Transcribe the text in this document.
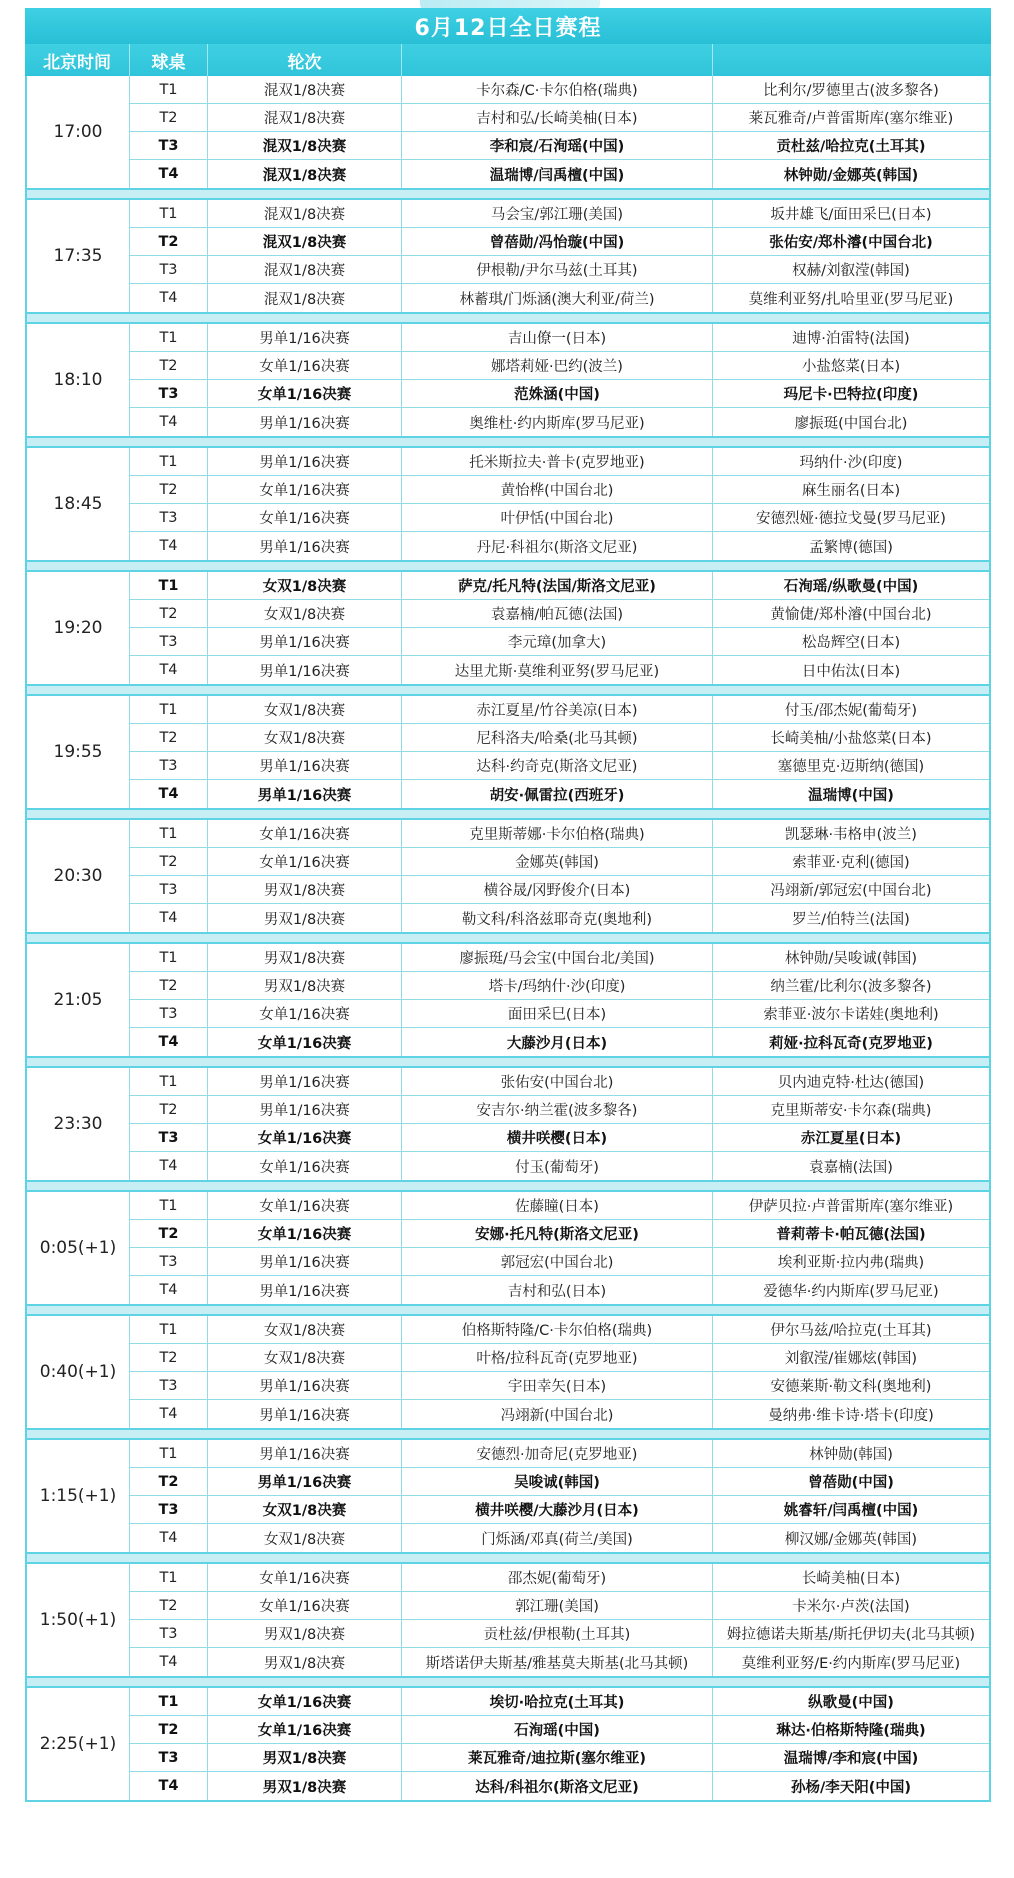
6月12日全日赛程
北京时间	球桌	轮次
17:00
T1	混双1/8决赛	卡尔森/C·卡尔伯格(瑞典)	比利尔/罗德里古(波多黎各)
T2	混双1/8决赛	吉村和弘/长崎美柚(日本)	莱瓦雅奇/卢普雷斯库(塞尔维亚)
T3	混双1/8决赛	李和宸/石洵瑶(中国)	贡杜兹/哈拉克(土耳其)
T4	混双1/8决赛	温瑞博/闫禹檀(中国)	林钟勋/金娜英(韩国)
17:35
T1	混双1/8决赛	马会宝/郭江珊(美国)	坂井雄飞/面田采巳(日本)
T2	混双1/8决赛	曾蓓勋/冯怡璇(中国)	张佑安/郑朴濬(中国台北)
T3	混双1/8决赛	伊根勒/尹尔马兹(土耳其)	权赫/刘叡滢(韩国)
T4	混双1/8决赛	林蓄琪/门烁涵(澳大利亚/荷兰)	莫维利亚努/扎哈里亚(罗马尼亚)
18:10
T1	男单1/16决赛	吉山僚一(日本)	迪博·泊雷特(法国)
T2	女单1/16决赛	娜塔莉娅·巴约(波兰)	小盐悠菜(日本)
T3	女单1/16决赛	范姝涵(中国)	玛尼卡·巴特拉(印度)
T4	男单1/16决赛	奥维杜·约内斯库(罗马尼亚)	廖振珽(中国台北)
18:45
T1	男单1/16决赛	托米斯拉夫·普卡(克罗地亚)	玛纳什·沙(印度)
T2	女单1/16决赛	黄怡桦(中国台北)	麻生丽名(日本)
T3	女单1/16决赛	叶伊恬(中国台北)	安德烈娅·德拉戈曼(罗马尼亚)
T4	男单1/16决赛	丹尼·科祖尔(斯洛文尼亚)	孟繁博(德国)
19:20
T1	女双1/8决赛	萨克/托凡特(法国/斯洛文尼亚)	石洵瑶/纵歌曼(中国)
T2	女双1/8决赛	袁嘉楠/帕瓦德(法国)	黄愉倢/郑朴濬(中国台北)
T3	男单1/16决赛	李元璋(加拿大)	松岛辉空(日本)
T4	男单1/16决赛	达里尤斯·莫维利亚努(罗马尼亚)	日中佑汰(日本)
19:55
T1	女双1/8决赛	赤江夏星/竹谷美凉(日本)	付玉/邵杰妮(葡萄牙)
T2	女双1/8决赛	尼科洛夫/哈桑(北马其顿)	长崎美柚/小盐悠菜(日本)
T3	男单1/16决赛	达科·约奇克(斯洛文尼亚)	塞德里克·迈斯纳(德国)
T4	男单1/16决赛	胡安·佩雷拉(西班牙)	温瑞博(中国)
20:30
T1	女单1/16决赛	克里斯蒂娜·卡尔伯格(瑞典)	凯瑟琳·韦格申(波兰)
T2	女单1/16决赛	金娜英(韩国)	索菲亚·克利(德国)
T3	男双1/8决赛	横谷晟/冈野俊介(日本)	冯翊新/郭冠宏(中国台北)
T4	男双1/8决赛	勒文科/科洛兹耶奇克(奥地利)	罗兰/伯特兰(法国)
21:05
T1	男双1/8决赛	廖振珽/马会宝(中国台北/美国)	林钟勋/吴唆诚(韩国)
T2	男双1/8决赛	塔卡/玛纳什·沙(印度)	纳兰霍/比利尔(波多黎各)
T3	女单1/16决赛	面田采巳(日本)	索菲亚·波尔卡诺娃(奥地利)
T4	女单1/16决赛	大藤沙月(日本)	莉娅·拉科瓦奇(克罗地亚)
23:30
T1	男单1/16决赛	张佑安(中国台北)	贝内迪克特·杜达(德国)
T2	男单1/16决赛	安吉尔·纳兰霍(波多黎各)	克里斯蒂安·卡尔森(瑞典)
T3	女单1/16决赛	横井咲樱(日本)	赤江夏星(日本)
T4	女单1/16决赛	付玉(葡萄牙)	袁嘉楠(法国)
0:05(+1)
T1	女单1/16决赛	佐藤瞳(日本)	伊萨贝拉·卢普雷斯库(塞尔维亚)
T2	女单1/16决赛	安娜·托凡特(斯洛文尼亚)	普莉蒂卡·帕瓦德(法国)
T3	男单1/16决赛	郭冠宏(中国台北)	埃利亚斯·拉内弗(瑞典)
T4	男单1/16决赛	吉村和弘(日本)	爱德华·约内斯库(罗马尼亚)
0:40(+1)
T1	女双1/8决赛	伯格斯特隆/C·卡尔伯格(瑞典)	伊尔马兹/哈拉克(土耳其)
T2	女双1/8决赛	叶格/拉科瓦奇(克罗地亚)	刘叡滢/崔娜炫(韩国)
T3	男单1/16决赛	宇田幸矢(日本)	安德莱斯·勒文科(奥地利)
T4	男单1/16决赛	冯翊新(中国台北)	曼纳弗·维卡诗·塔卡(印度)
1:15(+1)
T1	男单1/16决赛	安德烈·加奇尼(克罗地亚)	林钟勋(韩国)
T2	男单1/16决赛	吴唆诚(韩国)	曾蓓勋(中国)
T3	女双1/8决赛	横井咲樱/大藤沙月(日本)	姚睿轩/闫禹檀(中国)
T4	女双1/8决赛	门烁涵/邓真(荷兰/美国)	柳汉娜/金娜英(韩国)
1:50(+1)
T1	女单1/16决赛	邵杰妮(葡萄牙)	长崎美柚(日本)
T2	女单1/16决赛	郭江珊(美国)	卡米尔·卢茨(法国)
T3	男双1/8决赛	贡杜兹/伊根勒(土耳其)	姆拉德诺夫斯基/斯托伊切夫(北马其顿)
T4	男双1/8决赛	斯塔诺伊夫斯基/雅基莫夫斯基(北马其顿)	莫维利亚努/E·约内斯库(罗马尼亚)
2:25(+1)
T1	女单1/16决赛	埃切·哈拉克(土耳其)	纵歌曼(中国)
T2	女单1/16决赛	石洵瑶(中国)	琳达·伯格斯特隆(瑞典)
T3	男双1/8决赛	莱瓦雅奇/迪拉斯(塞尔维亚)	温瑞博/李和宸(中国)
T4	男双1/8决赛	达科/科祖尔(斯洛文尼亚)	孙杨/李天阳(中国)
